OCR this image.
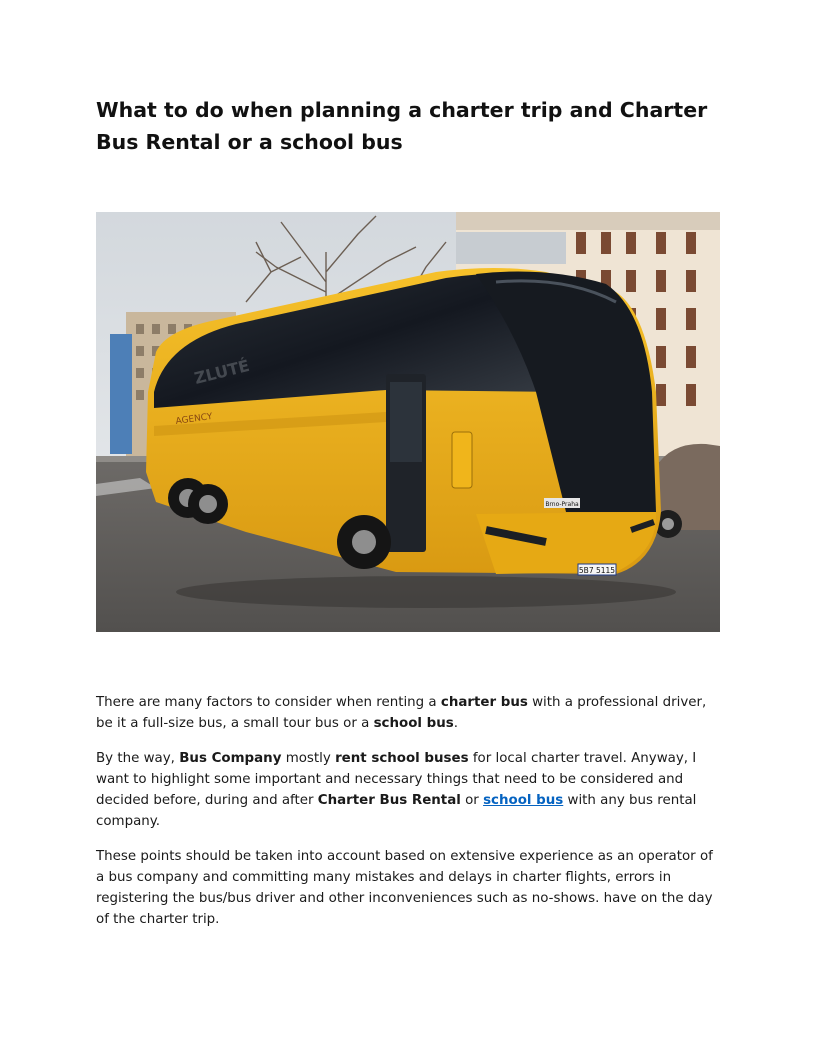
What to do when planning a charter trip and Charter Bus Rental or a school bus
5B7 5115
Brno-Praha
AGENCY
ZLUTÉ

There are many factors to consider when renting a charter bus with a professional driver, be it a full-size bus, a small tour bus or a school bus.

By the way, Bus Company mostly rent school buses for local charter travel. Anyway, I want to highlight some important and necessary things that need to be considered and decided before, during and after Charter Bus Rental or school bus with any bus rental company.

These points should be taken into account based on extensive experience as an operator of a bus company and committing many mistakes and delays in charter flights, errors in registering the bus/bus driver and other inconveniences such as no-shows. have on the day of the charter trip.
